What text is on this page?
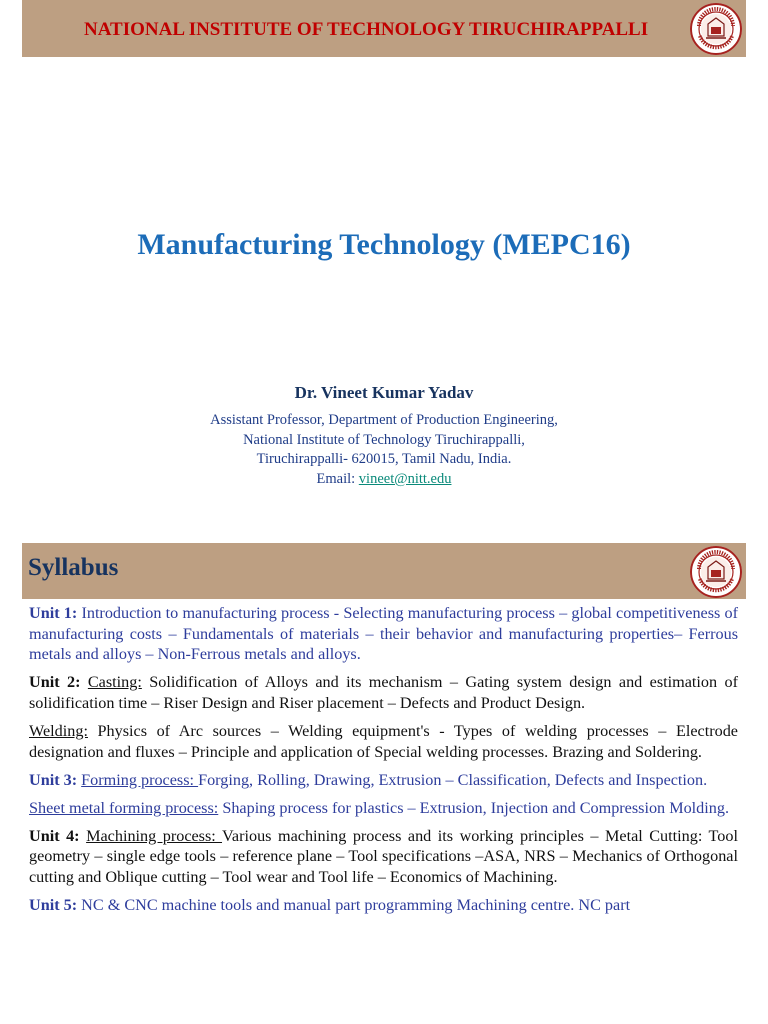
NATIONAL INSTITUTE OF TECHNOLOGY TIRUCHIRAPPALLI
Manufacturing Technology (MEPC16)
Dr. Vineet Kumar Yadav
Assistant Professor, Department of Production Engineering,
National Institute of Technology Tiruchirappalli,
Tiruchirappalli- 620015, Tamil Nadu, India.
Email: vineet@nitt.edu
Syllabus

Unit 1: Introduction to manufacturing process - Selecting manufacturing process – global competitiveness of manufacturing costs – Fundamentals of materials – their behavior and manufacturing properties– Ferrous metals and alloys – Non-Ferrous metals and alloys.

Unit 2: Casting: Solidification of Alloys and its mechanism – Gating system design and estimation of solidification time – Riser Design and Riser placement – Defects and Product Design.

Welding: Physics of Arc sources – Welding equipment's - Types of welding processes – Electrode designation and fluxes – Principle and application of Special welding processes. Brazing and Soldering.

Unit 3: Forming process: Forging, Rolling, Drawing, Extrusion – Classification, Defects and Inspection.

Sheet metal forming process: Shaping process for plastics – Extrusion, Injection and Compression Molding.

Unit 4: Machining process: Various machining process and its working principles – Metal Cutting: Tool geometry – single edge tools – reference plane – Tool specifications –ASA, NRS – Mechanics of Orthogonal cutting and Oblique cutting – Tool wear and Tool life – Economics of Machining.

Unit 5: NC & CNC machine tools and manual part programming Machining centre. NC part
